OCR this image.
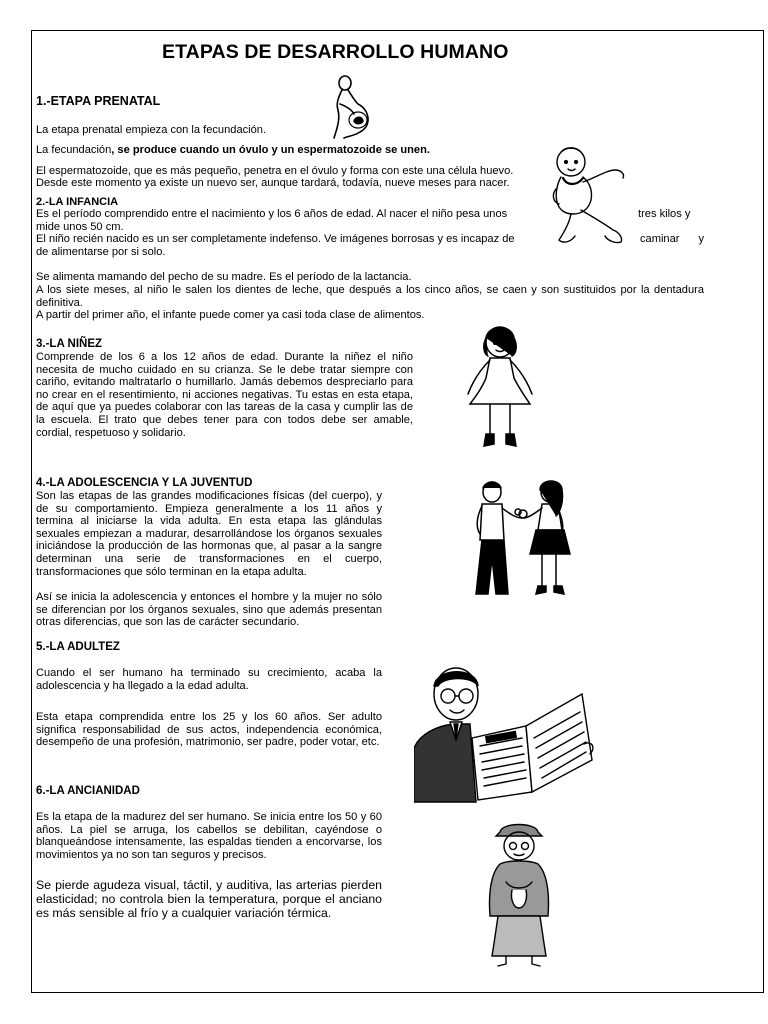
ETAPAS DE DESARROLLO HUMANO
1.-ETAPA PRENATAL
La etapa prenatal empieza con la fecundación.
La fecundación, se produce cuando un óvulo y un espermatozoide se unen.
El espermatozoide, que es más pequeño, penetra en el óvulo y forma con este una célula huevo.
Desde este momento ya existe un nuevo ser, aunque tardará, todavía, nueve meses para nacer.
2.-LA INFANCIA
Es el período comprendido entre el nacimiento y los 6 años de edad. Al nacer el niño pesa unos	tres kilos y
mide unos 50 cm.
El niño recién nacido es un ser completamente indefenso. Ve imágenes borrosas y es incapaz de	caminar y
de alimentarse por si solo.
Se alimenta mamando del pecho de su madre. Es el período de la lactancia.
A los siete meses, al niño le salen los dientes de leche, que después a los cinco años, se caen y son sustituidos por la dentadura definitiva.
A partir del primer año, el infante puede comer ya casi toda clase de alimentos.
3.-LA NIÑEZ
Comprende de los 6 a los 12 años de edad. Durante la niñez el niño necesita de mucho cuidado en su crianza. Se le debe tratar siempre con cariño, evitando maltratarlo o humillarlo. Jamás debemos despreciarlo para no crear en el resentimiento, ni acciones negativas. Tu estas en esta etapa, de aquí que ya puedes colaborar con las tareas de la casa y cumplir las de la escuela. El trato que debes tener para con todos debe ser amable, cordial, respetuoso y solidario.
4.-LA ADOLESCENCIA Y LA JUVENTUD
Son las etapas de las grandes modificaciones físicas (del cuerpo), y de su comportamiento. Empieza generalmente a los 11 años y termina al iniciarse la vida adulta. En esta etapa las glándulas sexuales empiezan a madurar, desarrollándose los órganos sexuales iniciándose la producción de las hormonas que, al pasar a la sangre determinan una serie de transformaciones en el cuerpo, transformaciones que sólo terminan en la etapa adulta.
Así se inicia la adolescencia y entonces el hombre y la mujer no sólo se diferencian por los órganos sexuales, sino que además presentan otras diferencias, que son las de carácter secundario.
5.-LA ADULTEZ
Cuando el ser humano ha terminado su crecimiento, acaba la adolescencia y ha llegado a la edad adulta.
Esta etapa comprendida entre los 25 y los 60 años. Ser adulto significa responsabilidad de sus actos, independencia económica, desempeño de una profesión, matrimonio, ser padre, poder votar, etc.
6.-LA ANCIANIDAD
Es la etapa de la madurez del ser humano. Se inicia entre los 50 y 60 años. La piel se arruga, los cabellos se debilitan, cayéndose o blanqueándose intensamente, las espaldas tienden a encorvarse, los movimientos ya no son tan seguros y precisos.
Se pierde agudeza visual, táctil, y auditiva, las arterias pierden elasticidad; no controla bien la temperatura, porque el anciano es más sensible al frío y a cualquier variación térmica.
